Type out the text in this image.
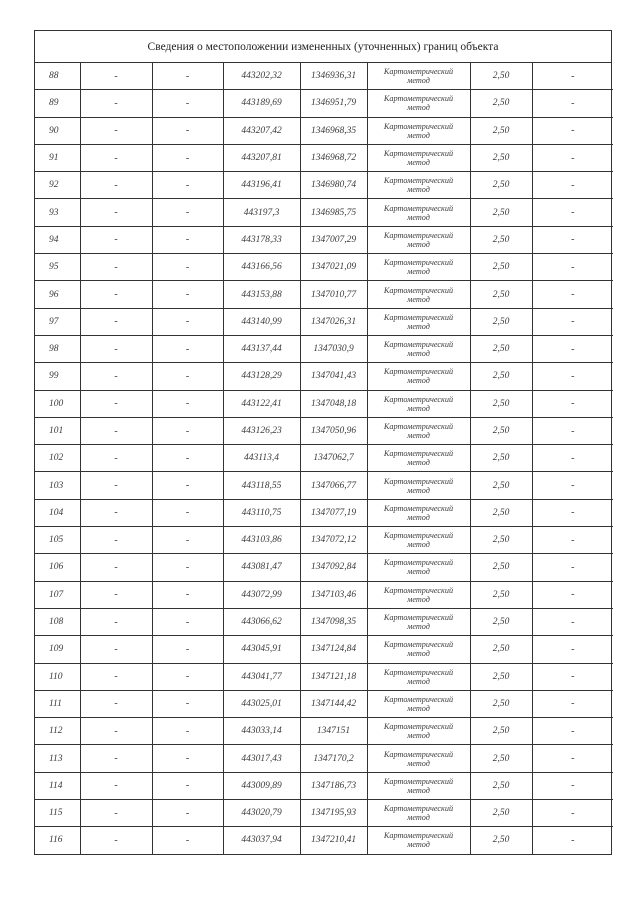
Сведения о местоположении измененных (уточненных) границ объекта
88	-	-	443202,32	1346936,31	Картометрический
метод	2,50	-
89	-	-	443189,69	1346951,79	Картометрический
метод	2,50	-
90	-	-	443207,42	1346968,35	Картометрический
метод	2,50	-
91	-	-	443207,81	1346968,72	Картометрический
метод	2,50	-
92	-	-	443196,41	1346980,74	Картометрический
метод	2,50	-
93	-	-	443197,3	1346985,75	Картометрический
метод	2,50	-
94	-	-	443178,33	1347007,29	Картометрический
метод	2,50	-
95	-	-	443166,56	1347021,09	Картометрический
метод	2,50	-
96	-	-	443153,88	1347010,77	Картометрический
метод	2,50	-
97	-	-	443140,99	1347026,31	Картометрический
метод	2,50	-
98	-	-	443137,44	1347030,9	Картометрический
метод	2,50	-
99	-	-	443128,29	1347041,43	Картометрический
метод	2,50	-
100	-	-	443122,41	1347048,18	Картометрический
метод	2,50	-
101	-	-	443126,23	1347050,96	Картометрический
метод	2,50	-
102	-	-	443113,4	1347062,7	Картометрический
метод	2,50	-
103	-	-	443118,55	1347066,77	Картометрический
метод	2,50	-
104	-	-	443110,75	1347077,19	Картометрический
метод	2,50	-
105	-	-	443103,86	1347072,12	Картометрический
метод	2,50	-
106	-	-	443081,47	1347092,84	Картометрический
метод	2,50	-
107	-	-	443072,99	1347103,46	Картометрический
метод	2,50	-
108	-	-	443066,62	1347098,35	Картометрический
метод	2,50	-
109	-	-	443045,91	1347124,84	Картометрический
метод	2,50	-
110	-	-	443041,77	1347121,18	Картометрический
метод	2,50	-
111	-	-	443025,01	1347144,42	Картометрический
метод	2,50	-
112	-	-	443033,14	1347151	Картометрический
метод	2,50	-
113	-	-	443017,43	1347170,2	Картометрический
метод	2,50	-
114	-	-	443009,89	1347186,73	Картометрический
метод	2,50	-
115	-	-	443020,79	1347195,93	Картометрический
метод	2,50	-
116	-	-	443037,94	1347210,41	Картометрический
метод	2,50	-
